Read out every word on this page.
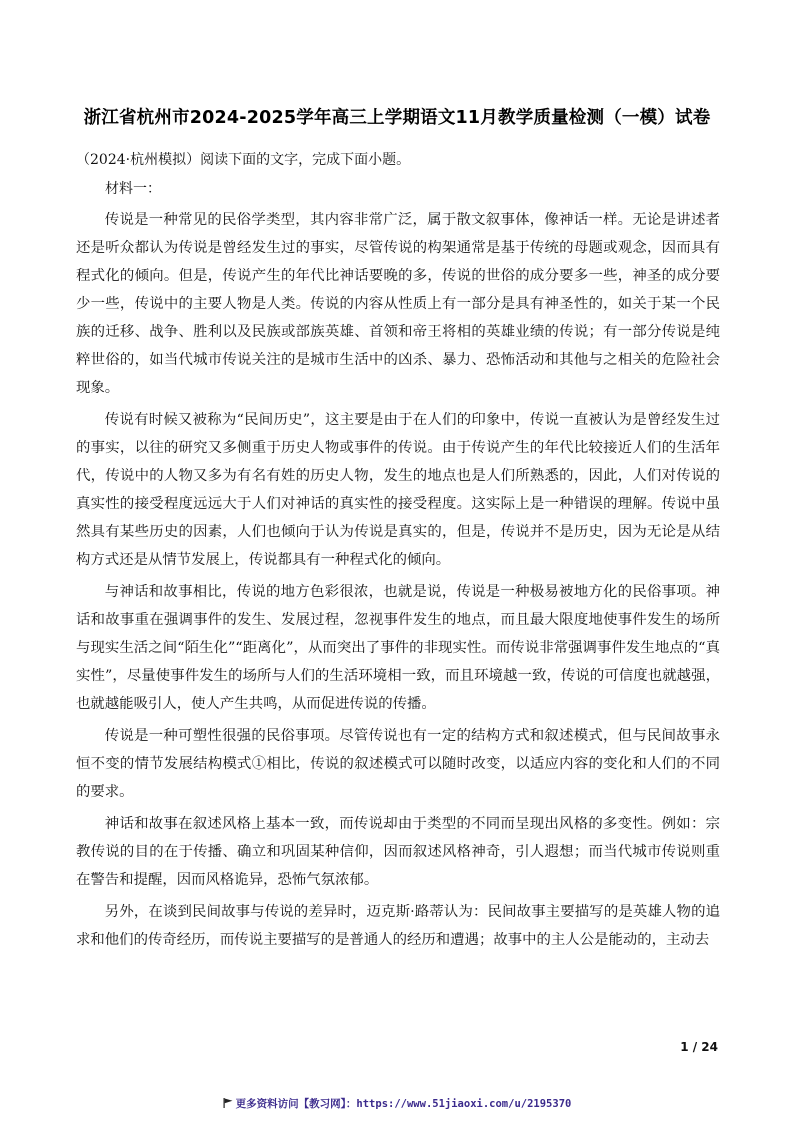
浙江省杭州市2024-2025学年高三上学期语文11月教学质量检测（一模）试卷
（2024·杭州模拟）阅读下面的文字，完成下面小题。
材料一：

传说是一种常见的民俗学类型，其内容非常广泛，属于散文叙事体，像神话一样。无论是讲述者还是听众都认为传说是曾经发生过的事实，尽管传说的构架通常是基于传统的母题或观念，因而具有程式化的倾向。但是，传说产生的年代比神话要晚的多，传说的世俗的成分要多一些，神圣的成分要少一些，传说中的主要人物是人类。传说的内容从性质上有一部分是具有神圣性的，如关于某一个民族的迁移、战争、胜利以及民族或部族英雄、首领和帝王将相的英雄业绩的传说；有一部分传说是纯粹世俗的，如当代城市传说关注的是城市生活中的凶杀、暴力、恐怖活动和其他与之相关的危险社会现象。

传说有时候又被称为“民间历史”，这主要是由于在人们的印象中，传说一直被认为是曾经发生过的事实，以往的研究又多侧重于历史人物或事件的传说。由于传说产生的年代比较接近人们的生活年代，传说中的人物又多为有名有姓的历史人物，发生的地点也是人们所熟悉的，因此，人们对传说的真实性的接受程度远远大于人们对神话的真实性的接受程度。这实际上是一种错误的理解。传说中虽然具有某些历史的因素，人们也倾向于认为传说是真实的，但是，传说并不是历史，因为无论是从结构方式还是从情节发展上，传说都具有一种程式化的倾向。

与神话和故事相比，传说的地方色彩很浓，也就是说，传说是一种极易被地方化的民俗事项。神话和故事重在强调事件的发生、发展过程，忽视事件发生的地点，而且最大限度地使事件发生的场所与现实生活之间“陌生化”“距离化”，从而突出了事件的非现实性。而传说非常强调事件发生地点的“真实性”，尽量使事件发生的场所与人们的生活环境相一致，而且环境越一致，传说的可信度也就越强，也就越能吸引人，使人产生共鸣，从而促进传说的传播。

传说是一种可塑性很强的民俗事项。尽管传说也有一定的结构方式和叙述模式，但与民间故事永恒不变的情节发展结构模式①相比，传说的叙述模式可以随时改变，以适应内容的变化和人们的不同的要求。

神话和故事在叙述风格上基本一致，而传说却由于类型的不同而呈现出风格的多变性。例如：宗教传说的目的在于传播、确立和巩固某种信仰，因而叙述风格神奇，引人遐想；而当代城市传说则重在警告和提醒，因而风格诡异，恐怖气氛浓郁。

另外，在谈到民间故事与传说的差异时，迈克斯·路蒂认为：民间故事主要描写的是英雄人物的追求和他们的传奇经历，而传说主要描写的是普通人的经历和遭遇；故事中的主人公是能动的，主动去

1 / 24
更多资料访问【教习网】：https://www.51jiaoxi.com/u/2195370
